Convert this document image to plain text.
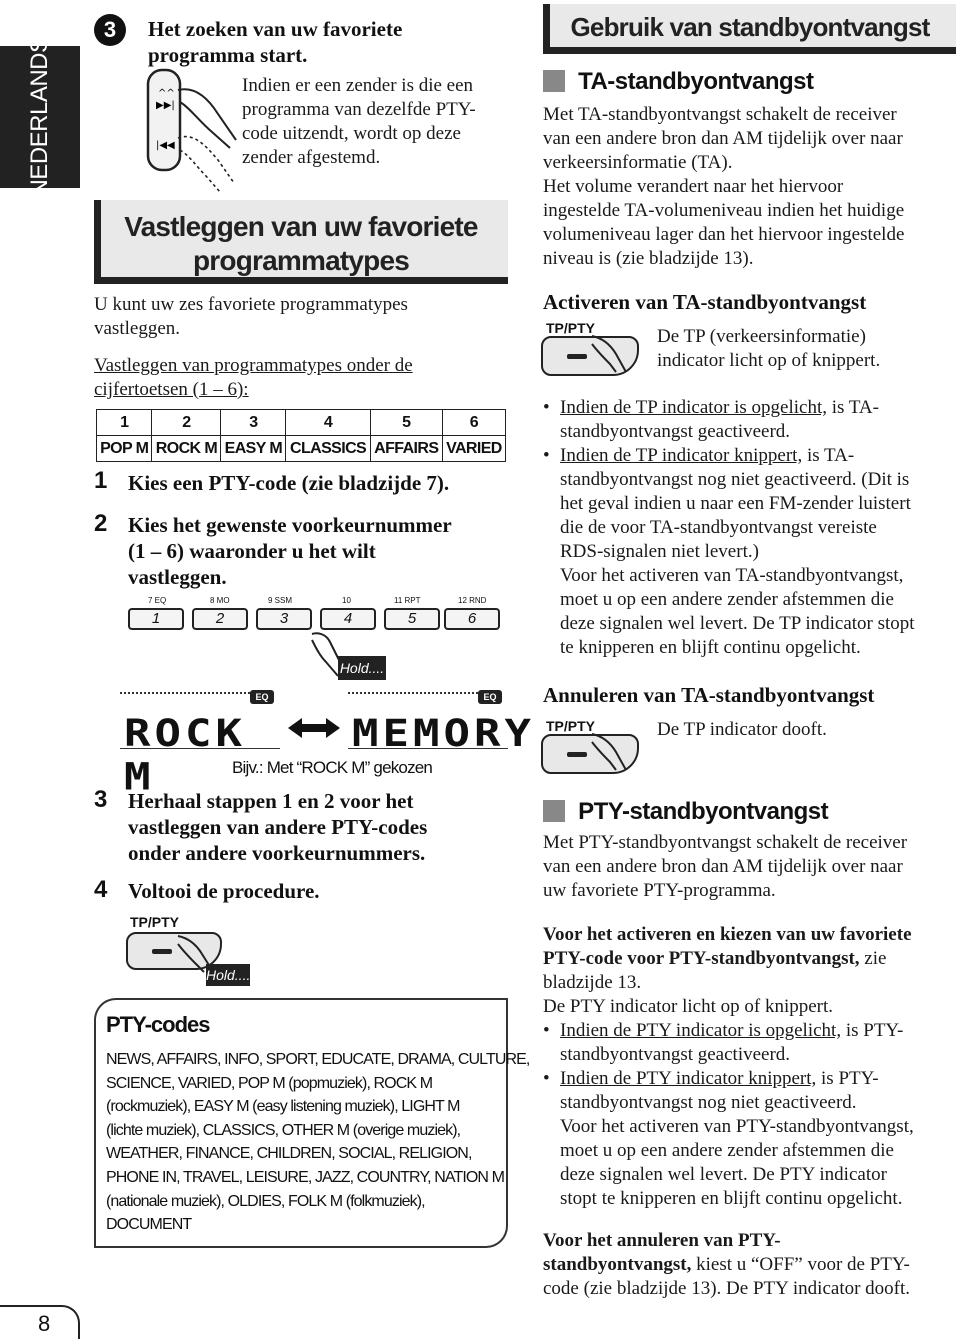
NEDERLANDS
8
3	Het zoeken van uw favoriete
programma start.
^^
▶▶|
|◀◀
Indien er een zender is die een
programma van dezelfde PTY-
code uitzendt, wordt op deze
zender afgestemd.
Vastleggen van uw favoriete
programmatypes
U kunt uw zes favoriete programmatypes
vastleggen.
Vastleggen van programmatypes onder de
cijfertoetsen (1 – 6):
1	2	3	4	5	6
POP M	ROCK M	EASY M	CLASSICS	AFFAIRS	VARIED
1 Kies een PTY-code (zie bladzijde 7).
2 Kies het gewenste voorkeurnummer
(1 – 6) waaronder u het wilt
vastleggen.
7 EQ	8 MO	9 SSM	10	11 RPT	12 RND
1	2	3	4	5	6
Hold....
EQ
ROCK M
EQ
MEMORY
Bijv.: Met “ROCK M” gekozen
3 Herhaal stappen 1 en 2 voor het
vastleggen van andere PTY-codes
onder andere voorkeurnummers.
4 Voltooi de procedure.
TP/PTY
Hold....
PTY-codes
NEWS, AFFAIRS, INFO, SPORT, EDUCATE, DRAMA, CULTURE,
SCIENCE, VARIED, POP M (popmuziek), ROCK M
(rockmuziek), EASY M (easy listening muziek), LIGHT M
(lichte muziek), CLASSICS, OTHER M (overige muziek),
WEATHER, FINANCE, CHILDREN, SOCIAL, RELIGION,
PHONE IN, TRAVEL, LEISURE, JAZZ, COUNTRY, NATION M
(nationale muziek), OLDIES, FOLK M (folkmuziek),
DOCUMENT
Gebruik van standbyontvangst
TA-standbyontvangst
Met TA-standbyontvangst schakelt de receiver
van een andere bron dan AM tijdelijk over naar
verkeersinformatie (TA).
Het volume verandert naar het hiervoor
ingestelde TA-volumeniveau indien het huidige
volumeniveau lager dan het hiervoor ingestelde
niveau is (zie bladzijde 13).
Activeren van TA-standbyontvangst
TP/PTY	De TP (verkeersinformatie)
indicator licht op of knippert.
• Indien de TP indicator is opgelicht, is TA-
standbyontvangst geactiveerd.
• Indien de TP indicator knippert, is TA-
standbyontvangst nog niet geactiveerd. (Dit is
het geval indien u naar een FM-zender luistert
die de voor TA-standbyontvangst vereiste
RDS-signalen niet levert.)
Voor het activeren van TA-standbyontvangst,
moet u op een andere zender afstemmen die
deze signalen wel levert. De TP indicator stopt
te knipperen en blijft continu opgelicht.
Annuleren van TA-standbyontvangst
TP/PTY	De TP indicator dooft.
PTY-standbyontvangst
Met PTY-standbyontvangst schakelt de receiver
van een andere bron dan AM tijdelijk over naar
uw favoriete PTY-programma.
Voor het activeren en kiezen van uw favoriete
PTY-code voor PTY-standbyontvangst, zie
bladzijde 13.
De PTY indicator licht op of knippert.
• Indien de PTY indicator is opgelicht, is PTY-
standbyontvangst geactiveerd.
• Indien de PTY indicator knippert, is PTY-
standbyontvangst nog niet geactiveerd.
Voor het activeren van PTY-standbyontvangst,
moet u op een andere zender afstemmen die
deze signalen wel levert. De PTY indicator
stopt te knipperen en blijft continu opgelicht.
Voor het annuleren van PTY-
standbyontvangst, kiest u “OFF” voor de PTY-
code (zie bladzijde 13). De PTY indicator dooft.
